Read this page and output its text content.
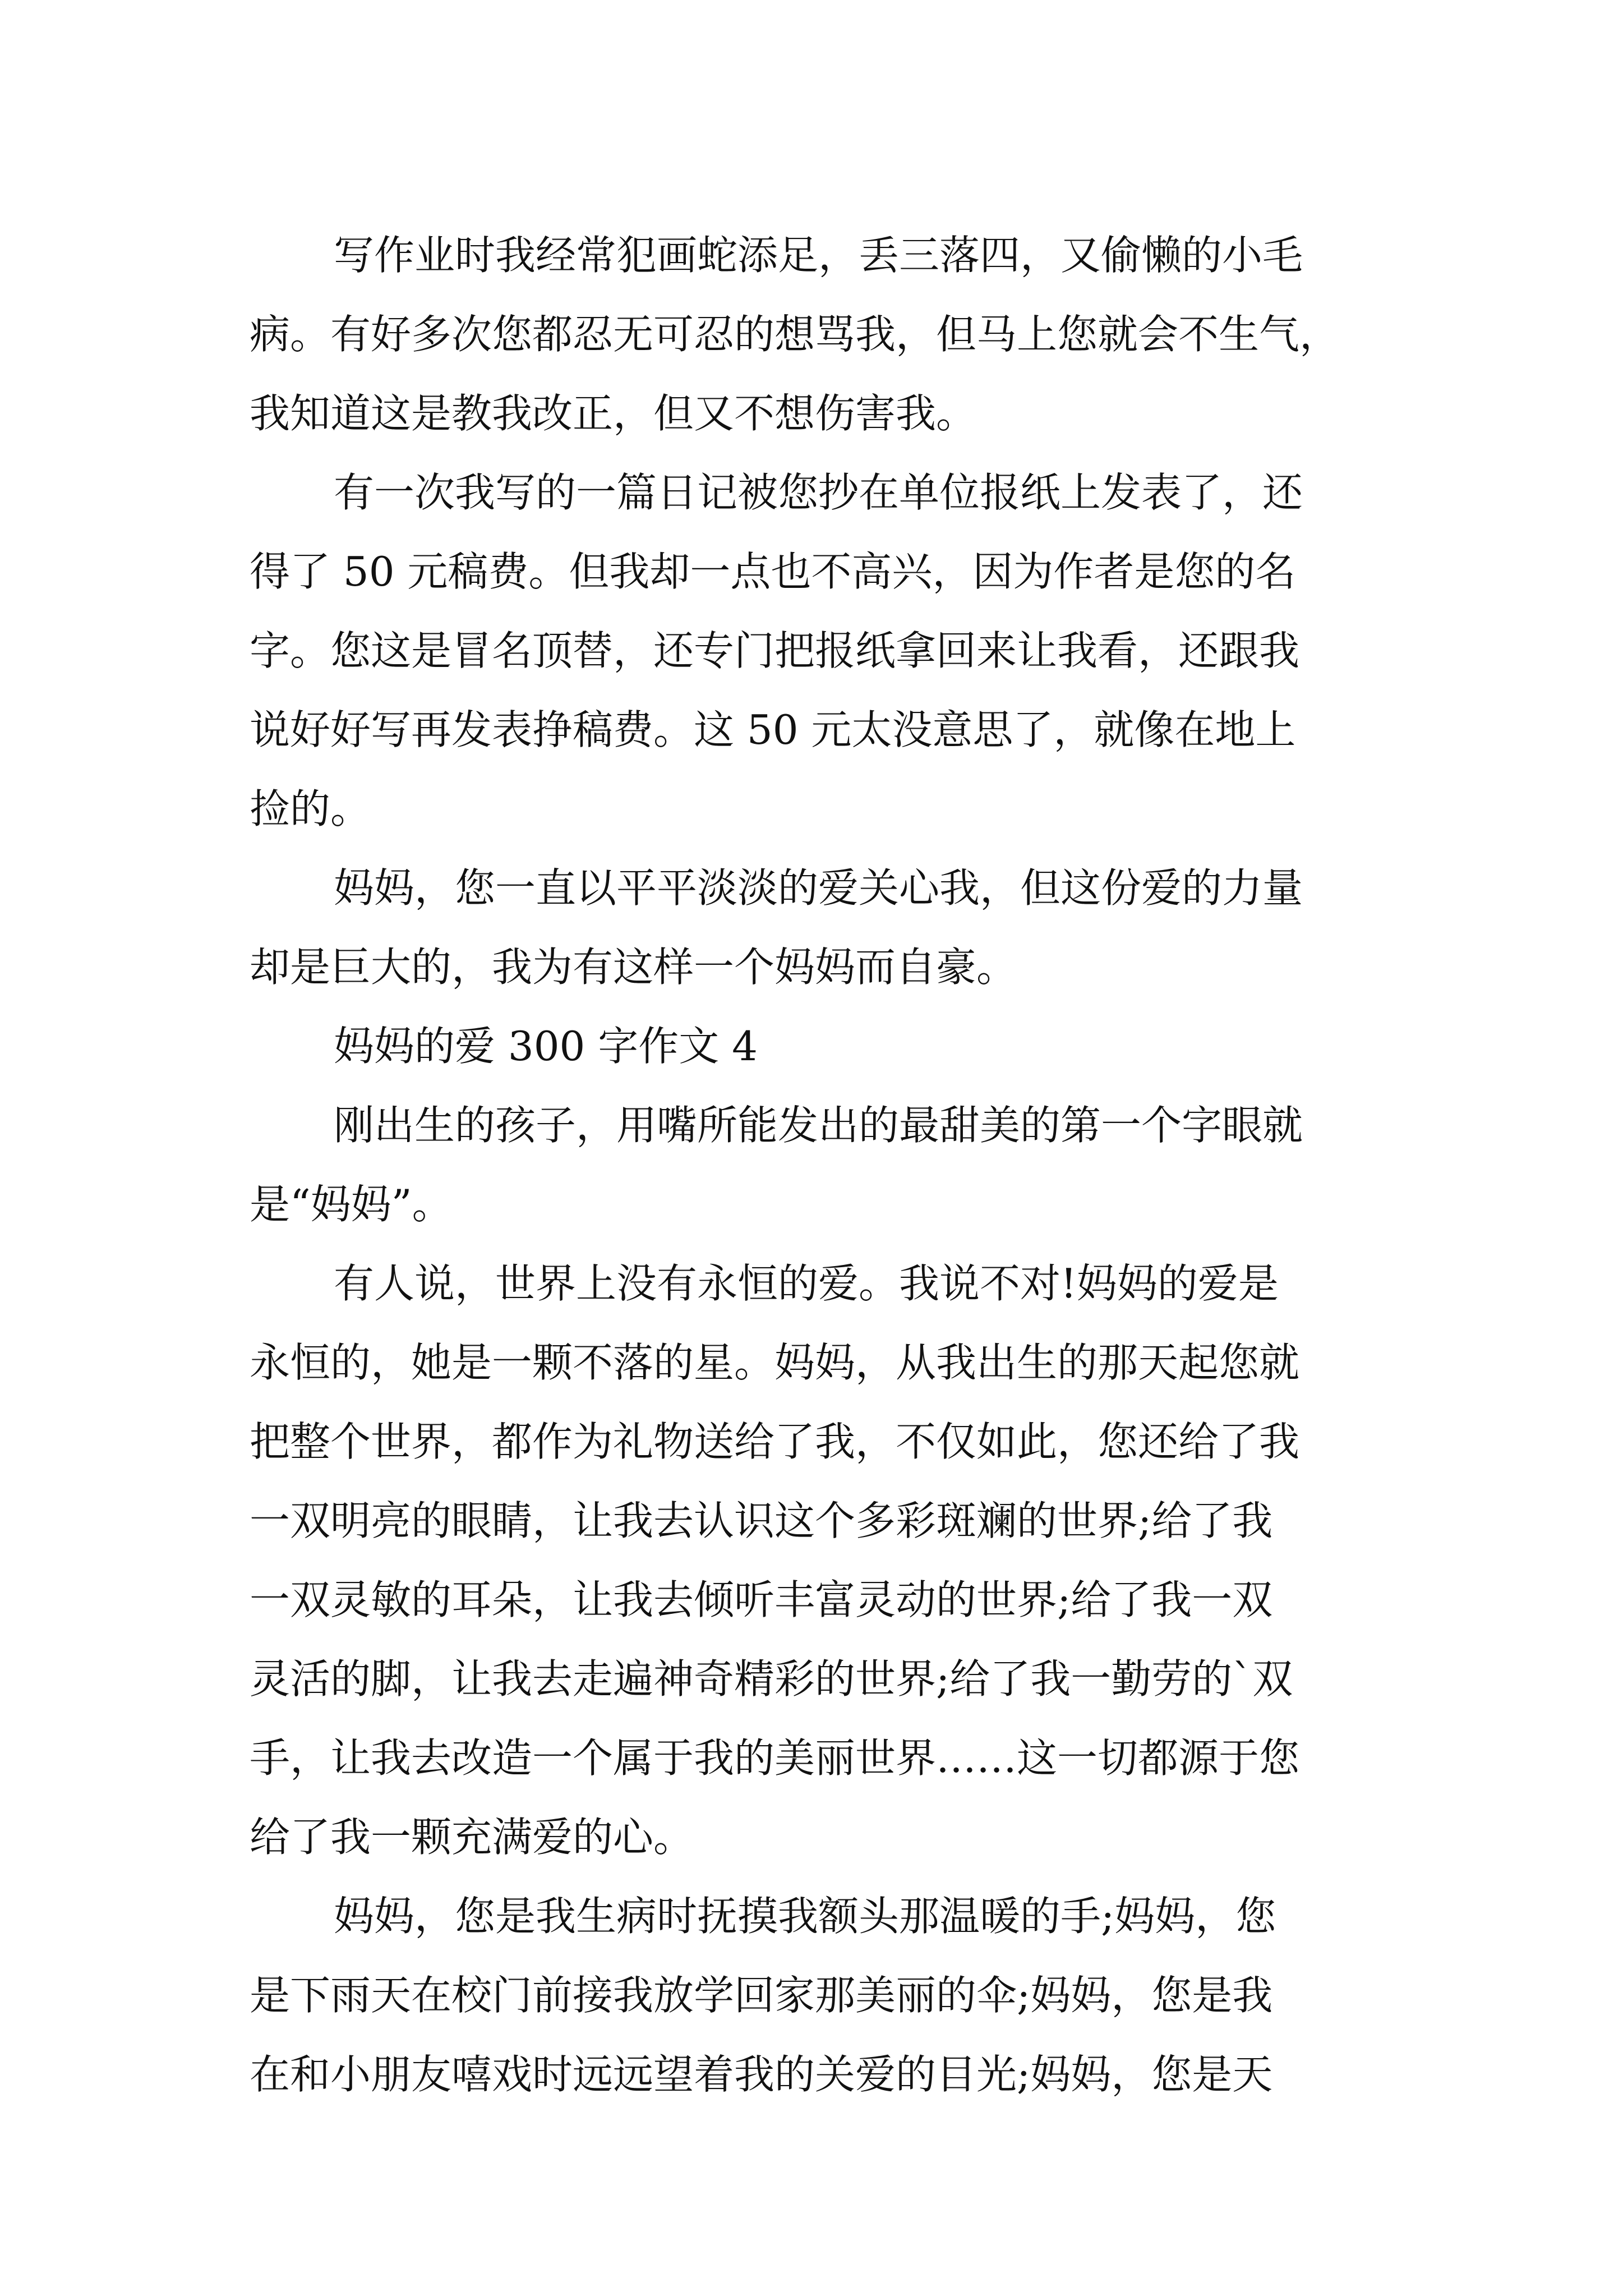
写作业时我经常犯画蛇添足，丢三落四，又偷懒的小毛
病。有好多次您都忍无可忍的想骂我，但马上您就会不生气，
我知道这是教我改正，但又不想伤害我。
有一次我写的一篇日记被您抄在单位报纸上发表了，还
得了 50 元稿费。但我却一点也不高兴，因为作者是您的名
字。您这是冒名顶替，还专门把报纸拿回来让我看，还跟我
说好好写再发表挣稿费。这 50 元太没意思了，就像在地上
捡的。
妈妈，您一直以平平淡淡的爱关心我，但这份爱的力量
却是巨大的，我为有这样一个妈妈而自豪。
妈妈的爱 300 字作文 4
刚出生的孩子，用嘴所能发出的最甜美的第一个字眼就
是“妈妈”。
有人说，世界上没有永恒的爱。我说不对!妈妈的爱是
永恒的，她是一颗不落的星。妈妈，从我出生的那天起您就
把整个世界，都作为礼物送给了我，不仅如此，您还给了我
一双明亮的眼睛，让我去认识这个多彩斑斓的世界;给了我
一双灵敏的耳朵，让我去倾听丰富灵动的世界;给了我一双
灵活的脚，让我去走遍神奇精彩的世界;给了我一勤劳的`双
手，让我去改造一个属于我的美丽世界……这一切都源于您
给了我一颗充满爱的心。
妈妈，您是我生病时抚摸我额头那温暖的手;妈妈，您
是下雨天在校门前接我放学回家那美丽的伞;妈妈，您是我
在和小朋友嘻戏时远远望着我的关爱的目光;妈妈，您是天
